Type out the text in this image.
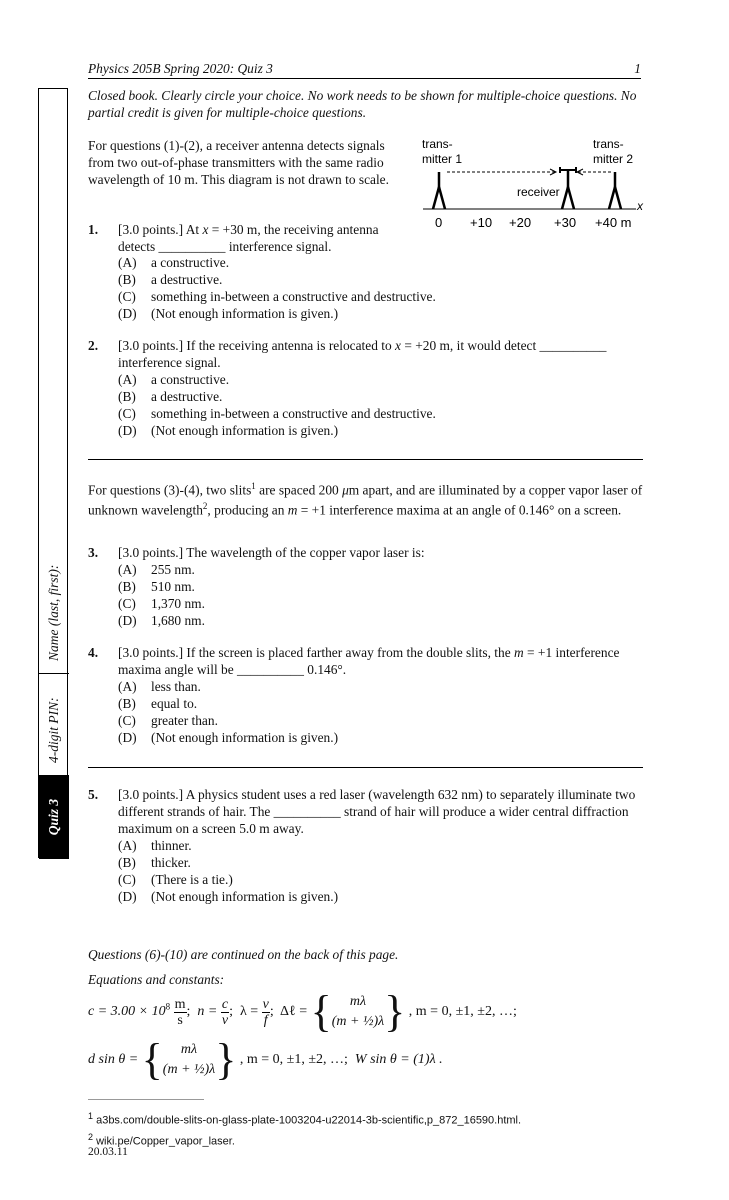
Physics 205B Spring 2020: Quiz 3	1
Quiz 3
4-digit PIN:
Name (last, first):
Closed book. Clearly circle your choice. No work needs to be shown for multiple-choice questions. No partial credit is given for multiple-choice questions.
For questions (1)-(2), a receiver antenna detects signals from two out-of-phase transmitters with the same radio wavelength of 10 m. This diagram is not drawn to scale.
trans-
mitter 1
trans-
mitter 2
receiver
x
0 +10 +20 +30 +40 m
1. [3.0 points.] At x = +30 m, the receiving antenna detects __________ interference signal.
(A) a constructive.
(B) a destructive.
(C) something in-between a constructive and destructive.
(D) (Not enough information is given.)
2. [3.0 points.] If the receiving antenna is relocated to x = +20 m, it would detect __________ interference signal.
(A) a constructive.
(B) a destructive.
(C) something in-between a constructive and destructive.
(D) (Not enough information is given.)
For questions (3)-(4), two slits$^1$ are spaced 200 μm apart, and are illuminated by a copper vapor laser of unknown wavelength$^2$, producing an m = +1 interference maxima at an angle of 0.146° on a screen.
3. [3.0 points.] The wavelength of the copper vapor laser is:
(A) 255 nm.
(B) 510 nm.
(C) 1,370 nm.
(D) 1,680 nm.
4. [3.0 points.] If the screen is placed farther away from the double slits, the m = +1 interference maxima angle will be __________ 0.146°.
(A) less than.
(B) equal to.
(C) greater than.
(D) (Not enough information is given.)
5. [3.0 points.] A physics student uses a red laser (wavelength 632 nm) to separately illuminate two different strands of hair. The __________ strand of hair will produce a wider central diffraction maximum on a screen 5.0 m away.
(A) thinner.
(B) thicker.
(C) (There is a tie.)
(D) (Not enough information is given.)
Questions (6)-(10) are continued on the back of this page.
Equations and constants:
$c = 3.00 \times 10^8 \frac{m}{s}$ ;  $n = \frac{c}{v}$ ;  $\lambda = \frac{v}{f}$ ;  Δℓ = {	mλ
(m + ½)λ } , m = 0, ±1, ±2, …;
d sin θ = {	mλ
(m + ½)λ } , m = 0, ±1, ±2, …; W sin θ = (1)λ .
$^1$ a3bs.com/double-slits-on-glass-plate-1003204-u22014-3b-scientific,p_872_16590.html.
$^2$ wiki.pe/Copper_vapor_laser.
20.03.11
